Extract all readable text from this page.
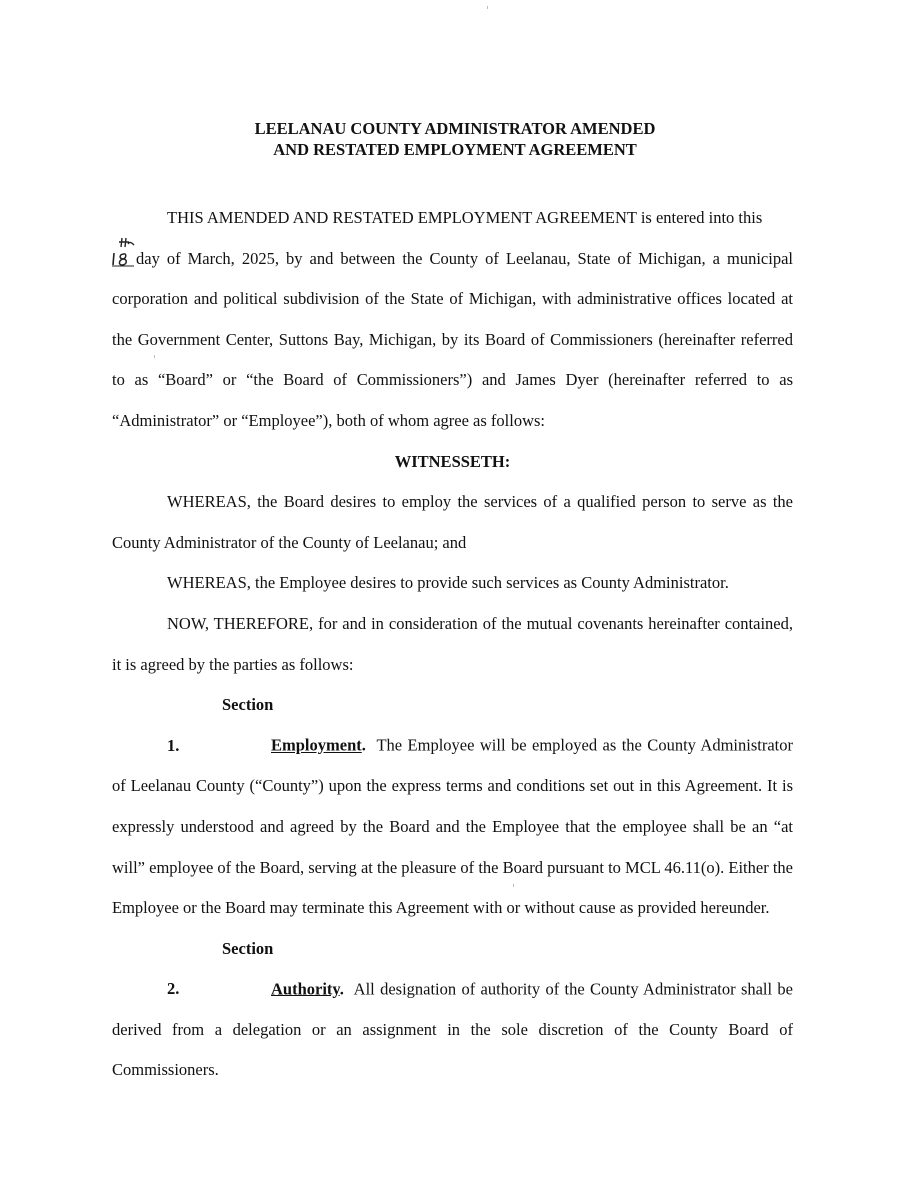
LEELANAU COUNTY ADMINISTRATOR AMENDED
AND RESTATED EMPLOYMENT AGREEMENT

THIS AMENDED AND RESTATED EMPLOYMENT AGREEMENT is entered into this

day of March, 2025, by and between the County of Leelanau, State of Michigan, a municipal corporation and political subdivision of the State of Michigan, with administrative offices located at the Government Center, Suttons Bay, Michigan, by its Board of Commissioners (hereinafter referred to as “Board” or “the Board of Commissioners”) and James Dyer (hereinafter referred to as “Administrator” or “Employee”), both of whom agree as follows:

WITNESSETH:

WHEREAS, the Board desires to employ the services of a qualified person to serve as the County Administrator of the County of Leelanau; and

WHEREAS, the Employee desires to provide such services as County Administrator.

NOW, THEREFORE, for and in consideration of the mutual covenants hereinafter contained, it is agreed by the parties as follows:

Section 1.	Employment. The Employee will be employed as the County Administrator of Leelanau County (“County”) upon the express terms and conditions set out in this Agreement. It is expressly understood and agreed by the Board and the Employee that the employee shall be an “at will” employee of the Board, serving at the pleasure of the Board pursuant to MCL 46.11(o). Either the Employee or the Board may terminate this Agreement with or without cause as provided hereunder.

Section 2.	Authority. All designation of authority of the County Administrator shall be derived from a delegation or an assignment in the sole discretion of the County Board of Commissioners.
